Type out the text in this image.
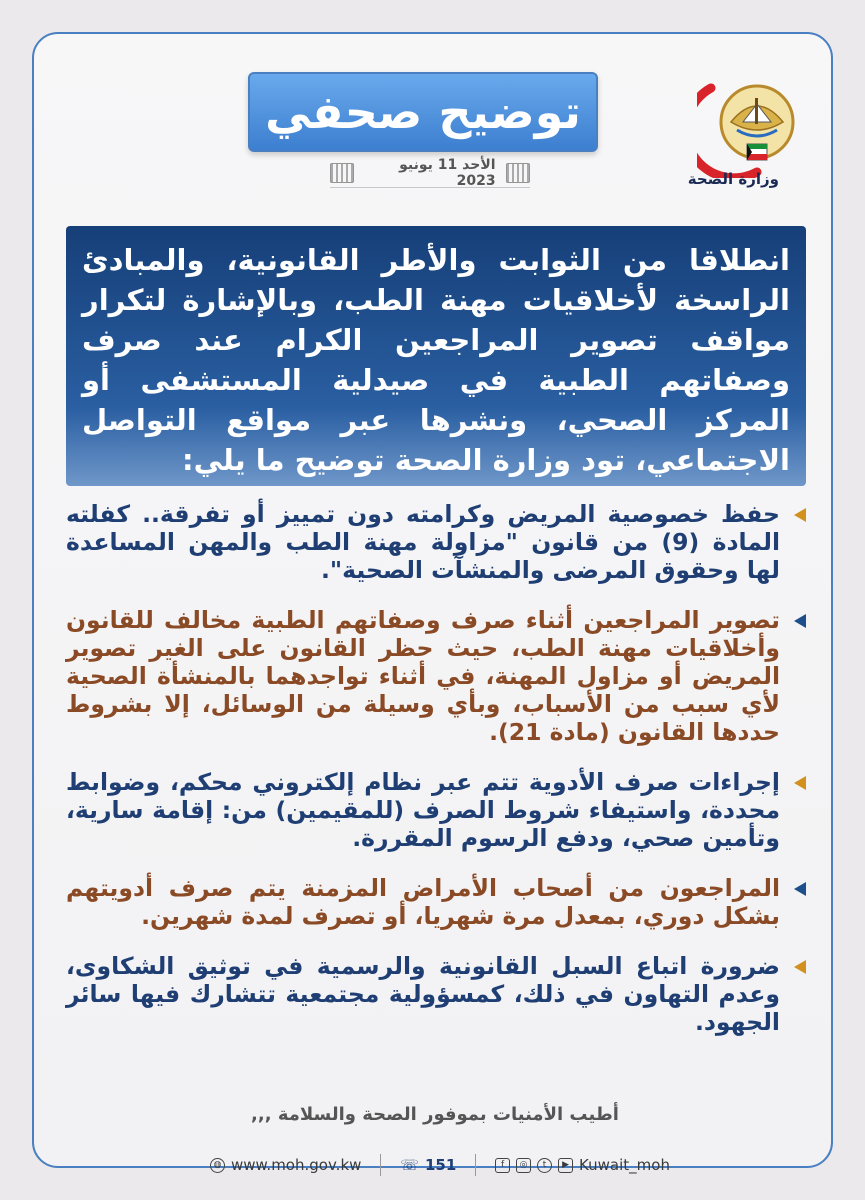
وزارة الصحة
توضيح صحفي
الأحد 11 يونيو 2023
انطلاقا من الثوابت والأطر القانونية، والمبادئ الراسخة لأخلاقيات مهنة الطب، وبالإشارة لتكرار مواقف تصوير المراجعين الكرام عند صرف وصفاتهم الطبية في صيدلية المستشفى أو المركز الصحي، ونشرها عبر مواقع التواصل الاجتماعي، تود وزارة الصحة توضيح ما يلي:
حفظ خصوصية المريض وكرامته دون تمييز أو تفرقة.. كفلته المادة (9) من قانون "مزاولة مهنة الطب والمهن المساعدة لها وحقوق المرضى والمنشآت الصحية".
تصوير المراجعين أثناء صرف وصفاتهم الطبية مخالف للقانون وأخلاقيات مهنة الطب، حيث حظر القانون على الغير تصوير المريض أو مزاول المهنة، في أثناء تواجدهما بالمنشأة الصحية لأي سبب من الأسباب، وبأي وسيلة من الوسائل، إلا بشروط حددها القانون (مادة 21).
إجراءات صرف الأدوية تتم عبر نظام إلكتروني محكم، وضوابط محددة، واستيفاء شروط الصرف (للمقيمين) من: إقامة سارية، وتأمين صحي، ودفع الرسوم المقررة.
المراجعون من أصحاب الأمراض المزمنة يتم صرف أدويتهم بشكل دوري، بمعدل مرة شهريا، أو تصرف لمدة شهرين.
ضرورة اتباع السبل القانونية والرسمية في توثيق الشكاوى، وعدم التهاون في ذلك، كمسؤولية مجتمعية تتشارك فيها سائر الجهود.
أطيب الأمنيات بموفور الصحة والسلامة ,,,
◍ www.moh.gov.kw	☏ 151	f	◎	t	▶ Kuwait_moh
